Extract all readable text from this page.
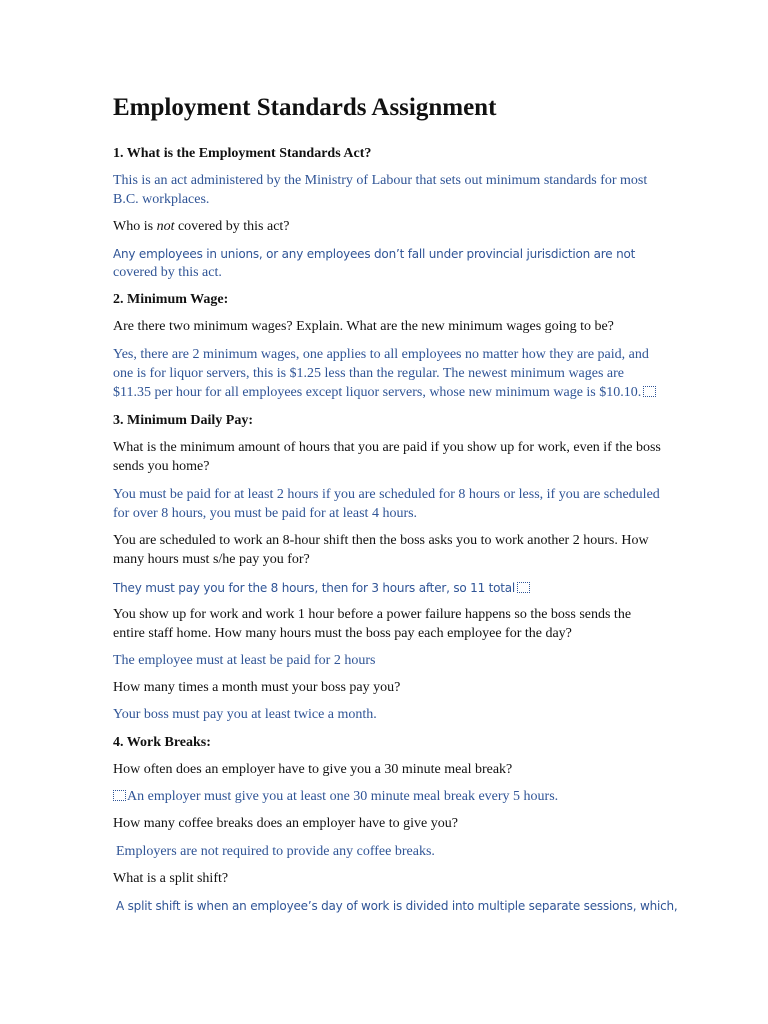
Employment Standards Assignment

1. What is the Employment Standards Act?

This is an act administered by the Ministry of Labour that sets out minimum standards for most

B.C. workplaces.

Who is not covered by this act?

Any employees in unions, or any employees don’t fall under provincial jurisdiction are not

covered by this act.

2. Minimum Wage:

Are there two minimum wages? Explain. What are the new minimum wages going to be?

Yes, there are 2 minimum wages, one applies to all employees no matter how they are paid, and

one is for liquor servers, this is $1.25 less than the regular. The newest minimum wages are

$11.35 per hour for all employees except liquor servers, whose new minimum wage is $10.10.

3. Minimum Daily Pay:

What is the minimum amount of hours that you are paid if you show up for work, even if the boss

sends you home?

You must be paid for at least 2 hours if you are scheduled for 8 hours or less, if you are scheduled

for over 8 hours, you must be paid for at least 4 hours.

You are scheduled to work an 8-hour shift then the boss asks you to work another 2 hours. How

many hours must s/he pay you for?

They must pay you for the 8 hours, then for 3 hours after, so 11 total

You show up for work and work 1 hour before a power failure happens so the boss sends the

entire staff home. How many hours must the boss pay each employee for the day?

The employee must at least be paid for 2 hours

How many times a month must your boss pay you?

Your boss must pay you at least twice a month.

4. Work Breaks:

How often does an employer have to give you a 30 minute meal break?

An employer must give you at least one 30 minute meal break every 5 hours.

How many coffee breaks does an employer have to give you?

Employers are not required to provide any coffee breaks.

What is a split shift?

A split shift is when an employee’s day of work is divided into multiple separate sessions, which,
